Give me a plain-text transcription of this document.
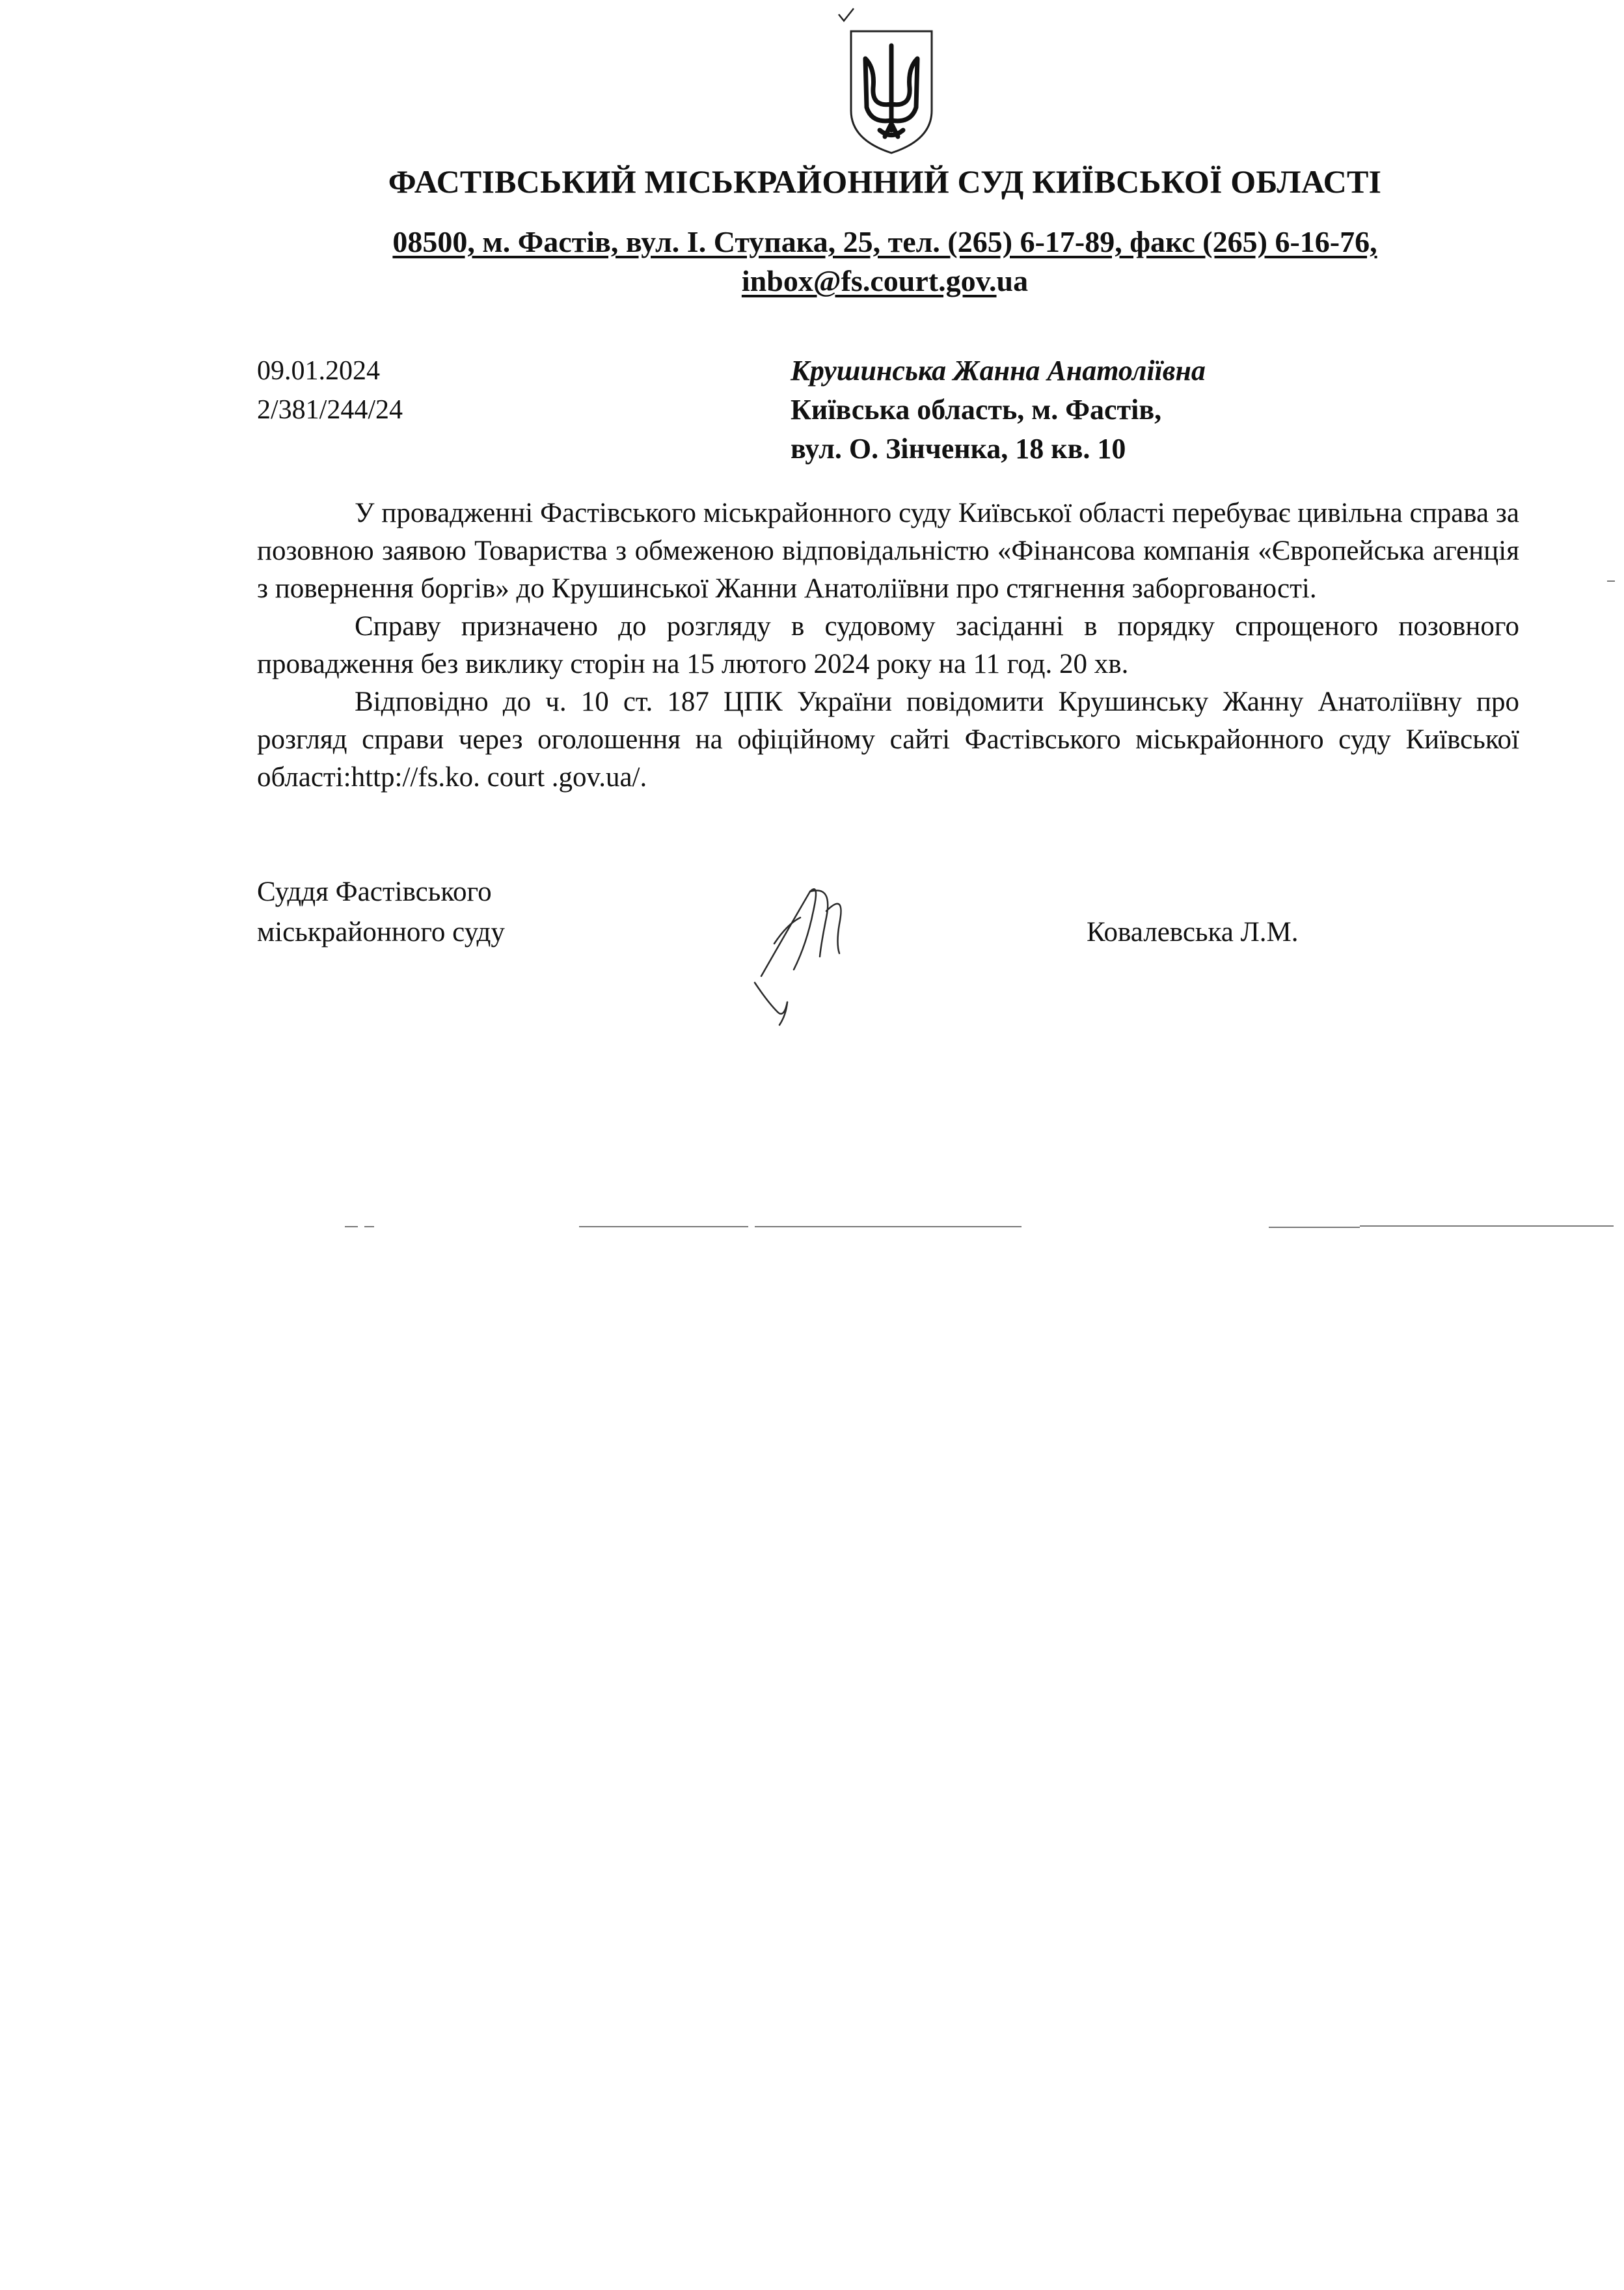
ФАСТІВСЬКИЙ МІСЬКРАЙОННИЙ СУД КИЇВСЬКОЇ ОБЛАСТІ
08500, м. Фастів, вул. І. Ступака, 25, тел. (265) 6-17-89, факс (265) 6-16-76,
inbox@fs.court.gov.ua
09.01.2024
2/381/244/24
Крушинська Жанна Анатоліївна
Київська область, м. Фастів,
вул. О. Зінченка, 18 кв. 10

У провадженні Фастівського міськрайонного суду Київської області перебуває цивільна справа за позовною заявою Товариства з обмеженою відповідальністю «Фінансова компанія «Європейська агенція з повернення боргів» до Крушинської Жанни Анатоліївни про стягнення заборгованості.

Справу призначено до розгляду в судовому засіданні в порядку спрощеного позовного провадження без виклику сторін на 15 лютого 2024 року на 11 год. 20 хв.

Відповідно до ч. 10 ст. 187 ЦПК України повідомити Крушинську Жанну Анатоліївну про розгляд справи через оголошення на офіційному сайті Фастівського міськрайонного суду Київської області:http://fs.ko. court .gov.ua/.

Суддя Фастівського
міськрайонного суду	Ковалевська Л.М.
